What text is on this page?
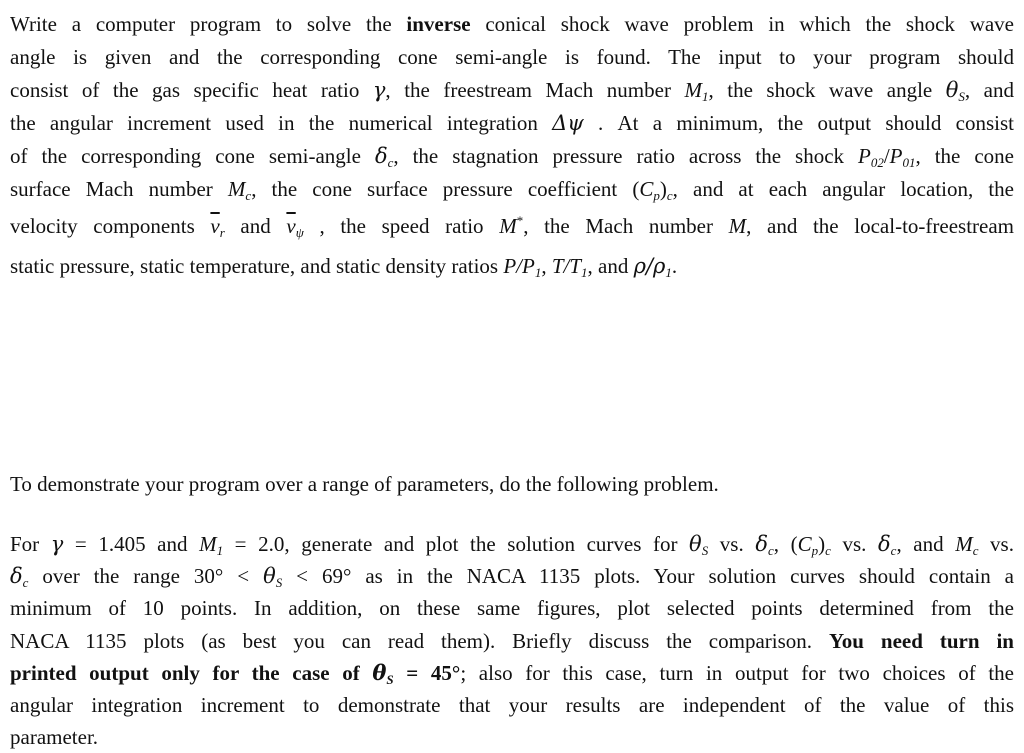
Write a computer program to solve the inverse conical shock wave problem in which the shock wave
angle is given and the corresponding cone semi-angle is found. The input to your program should
consist of the gas specific heat ratio γ, the freestream Mach number $M_1$, the shock wave angle $\theta_S$, and
the angular increment used in the numerical integration Δψ . At a minimum, the output should consist
of the corresponding cone semi-angle $\delta_c$, the stagnation pressure ratio across the shock $P_{02}/P_{01}$, the cone
surface Mach number $M_c$, the cone surface pressure coefficient $(C_p)_c$, and at each angular location, the
velocity components $\overline{v}_r$ and $\overline{v}_\psi$ , the speed ratio M*, the Mach number M, and the local-to-freestream
static pressure, static temperature, and static density ratios $P/P_1$, $T/T_1$, and $\rho/\rho_1$.
To demonstrate your program over a range of parameters, do the following problem.
For γ = 1.405 and $M_1 = 2.0$, generate and plot the solution curves for $\theta_S$ vs. $\delta_c$, $(C_p)_c$ vs. $\delta_c$, and $M_c$ vs.
$\delta_c$ over the range $30^\circ < \theta_S < 69^\circ$ as in the NACA 1135 plots. Your solution curves should contain a
minimum of 10 points. In addition, on these same figures, plot selected points determined from the
NACA 1135 plots (as best you can read them). Briefly discuss the comparison. You need turn in
printed output only for the case of $\theta_S = 45^\circ$; also for this case, turn in output for two choices of the
angular integration increment to demonstrate that your results are independent of the value of this
parameter.
